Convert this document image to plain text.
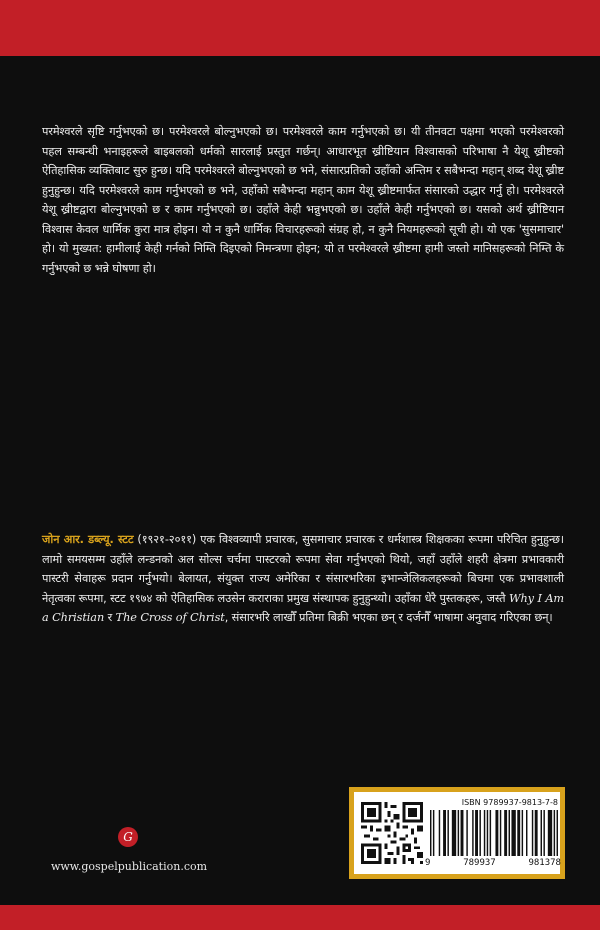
परमेश्वरले सृष्टि गर्नुभएको छ। परमेश्वरले बोल्नुभएको छ। परमेश्वरले काम गर्नुभएको छ। यी तीनवटा पक्षमा भएको परमेश्वरको पहल सम्बन्धी भनाइहरूले बाइबलको धर्मको सारलाई प्रस्तुत गर्छन्। आधारभूत ख्रीष्टियान विश्वासको परिभाषा नै येशू ख्रीष्टको ऐतिहासिक व्यक्तिबाट सुरु हुन्छ। यदि परमेश्वरले बोल्नुभएको छ भने, संसारप्रतिको उहाँको अन्तिम र सबैभन्दा महान् शब्द येशू ख्रीष्ट हुनुहुन्छ। यदि परमेश्वरले काम गर्नुभएको छ भने, उहाँको सबैभन्दा महान् काम येशू ख्रीष्टमार्फत संसारको उद्धार गर्नु हो। परमेश्वरले येशू ख्रीष्टद्वारा बोल्नुभएको छ र काम गर्नुभएको छ। उहाँले केही भन्नुभएको छ। उहाँले केही गर्नुभएको छ। यसको अर्थ ख्रीष्टियान विश्वास केवल धार्मिक कुरा मात्र होइन। यो न कुनै धार्मिक विचारहरूको संग्रह हो, न कुनै नियमहरूको सूची हो। यो एक 'सुसमाचार' हो। यो मुख्यत: हामीलाई केही गर्नको निम्ति दिइएको निमन्त्रणा होइन; यो त परमेश्वरले ख्रीष्टमा हामी जस्तो मानिसहरूको निम्ति के गर्नुभएको छ भन्ने घोषणा हो।

जोन आर. डब्ल्यू. स्टट (१९२१-२०११) एक विश्वव्यापी प्रचारक, सुसमाचार प्रचारक र धर्मशास्त्र शिक्षकका रूपमा परिचित हुनुहुन्छ। लामो समयसम्म उहाँले लन्डनको अल सोल्स चर्चमा पास्टरको रूपमा सेवा गर्नुभएको थियो, जहाँ उहाँले शहरी क्षेत्रमा प्रभावकारी पास्टरी सेवाहरू प्रदान गर्नुभयो। बेलायत, संयुक्त राज्य अमेरिका र संसारभरिका इभान्जेलिकलहरूको बिचमा एक प्रभावशाली नेतृत्वका रूपमा, स्टट १९७४ को ऐतिहासिक लउसेन कराराका प्रमुख संस्थापक हुनुहुन्थ्यो। उहाँका धेरै पुस्तकहरू, जस्तै Why I Am a Christian र The Cross of Christ, संसारभरि लाखौँ प्रतिमा बिक्री भएका छन् र दर्जनौँ भाषामा अनुवाद गरिएका छन्।

G
www.gospelpublication.com
ISBN 9789937-9813-7-8
9	789937	981378
